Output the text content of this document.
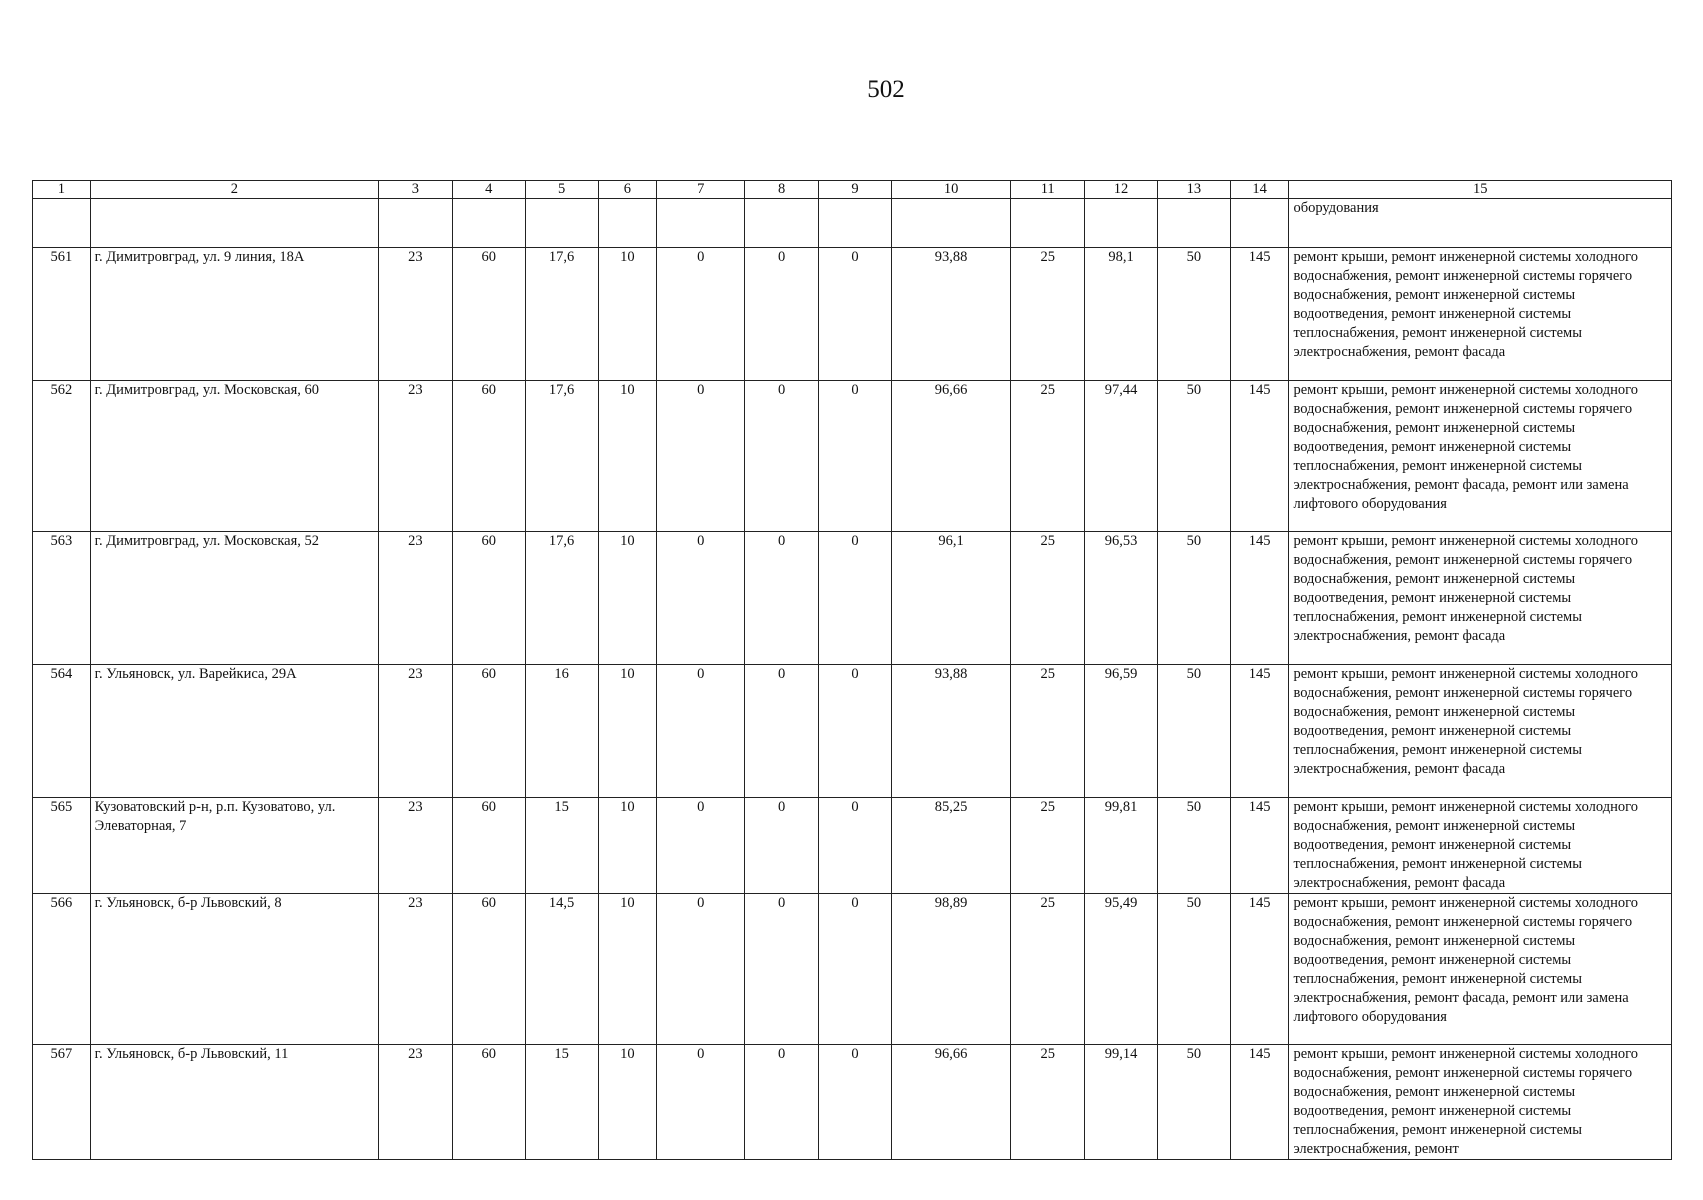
502
1	2	3	4	5	6	7	8	9	10	11	12	13	14	15
														оборудования
561	г. Димитровград, ул. 9 линия, 18А	23	60	17,6	10	0	0	0	93,88	25	98,1	50	145	ремонт крыши, ремонт инженерной системы холодного водоснабжения, ремонт инженерной системы горячего водоснабжения, ремонт инженерной системы водоотведения, ремонт инженерной системы теплоснабжения, ремонт инженерной системы электроснабжения, ремонт фасада
562	г. Димитровград, ул. Московская, 60	23	60	17,6	10	0	0	0	96,66	25	97,44	50	145	ремонт крыши, ремонт инженерной системы холодного водоснабжения, ремонт инженерной системы горячего водоснабжения, ремонт инженерной системы водоотведения, ремонт инженерной системы теплоснабжения, ремонт инженерной системы электроснабжения, ремонт фасада, ремонт или замена лифтового оборудования
563	г. Димитровград, ул. Московская, 52	23	60	17,6	10	0	0	0	96,1	25	96,53	50	145	ремонт крыши, ремонт инженерной системы холодного водоснабжения, ремонт инженерной системы горячего водоснабжения, ремонт инженерной системы водоотведения, ремонт инженерной системы теплоснабжения, ремонт инженерной системы электроснабжения, ремонт фасада
564	г. Ульяновск, ул. Варейкиса, 29А	23	60	16	10	0	0	0	93,88	25	96,59	50	145	ремонт крыши, ремонт инженерной системы холодного водоснабжения, ремонт инженерной системы горячего водоснабжения, ремонт инженерной системы водоотведения, ремонт инженерной системы теплоснабжения, ремонт инженерной системы электроснабжения, ремонт фасада
565	Кузоватовский р-н, р.п. Кузоватово, ул. Элеваторная, 7	23	60	15	10	0	0	0	85,25	25	99,81	50	145	ремонт крыши, ремонт инженерной системы холодного водоснабжения, ремонт инженерной системы водоотведения, ремонт инженерной системы теплоснабжения, ремонт инженерной системы электроснабжения, ремонт фасада
566	г. Ульяновск, б-р Львовский, 8	23	60	14,5	10	0	0	0	98,89	25	95,49	50	145	ремонт крыши, ремонт инженерной системы холодного водоснабжения, ремонт инженерной системы горячего водоснабжения, ремонт инженерной системы водоотведения, ремонт инженерной системы теплоснабжения, ремонт инженерной системы электроснабжения, ремонт фасада, ремонт или замена лифтового оборудования
567	г. Ульяновск, б-р Львовский, 11	23	60	15	10	0	0	0	96,66	25	99,14	50	145	ремонт крыши, ремонт инженерной системы холодного водоснабжения, ремонт инженерной системы горячего водоснабжения, ремонт инженерной системы водоотведения, ремонт инженерной системы теплоснабжения, ремонт инженерной системы электроснабжения, ремонт
